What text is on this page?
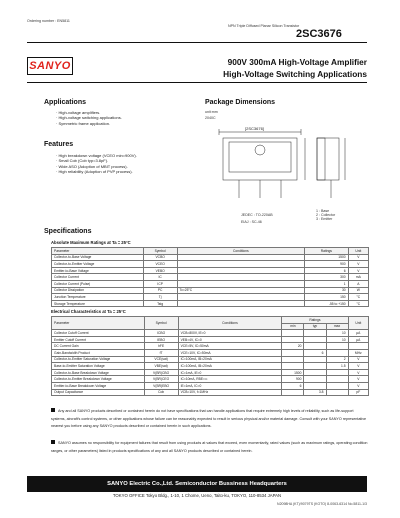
Ordering number : EN5811
NPN Triple Diffused Planar Silicon Transistor
2SC3676
SANYO	900V 300mA High-Voltage Amplifier
High-Voltage Switching Applications
Applications
· High-voltage amplifiers.
· High-voltage switching applications.
· Symmetric frame application.
Features
· High breakdown voltage (VCEO min=900V).
· Small Cob (Cob typ=3.8pF).
· Wide ASO (Adoption of MBIT process).
· High reliability (Adoption of PVP process).
Package Dimensions
unit:mm
2040C
[2SC3676]
1 : Base
2 : Collector
3 : Emitter
JEDEC : TO-220AB
EIAJ : SC-46
Specifications
Absolute Maximum Ratings at Ta = 25°C
Parameter	Symbol	Conditions	Ratings	Unit
Collector-to-Base Voltage	VCBO		1500	V
Collector-to-Emitter Voltage	VCEO		900	V
Emitter-to-Base Voltage	VEBO		6	V
Collector Current	IC		300	mA
Collector Current (Pulse)	ICP		1	A
Collector Dissipation	PC	Tc=25°C	30	W
Junction Temperature	Tj		150	°C
Storage Temperature	Tstg		-55 to +150	°C
Electrical Characteristics at Ta = 25°C
Parameter	Symbol	Conditions	Ratings			Unit
			min	typ	max	
Collector Cutoff Current	ICBO	VCB=800V, IE=0			10	μA
Emitter Cutoff Current	IEBO	VEB=4V, IC=0			10	μA
DC Current Gain	hFE	VCE=5V, IC=50mA	20			
Gain-Bandwidth Product	fT	VCE=10V, IC=50mA		6		MHz
Collector-to-Emitter Saturation Voltage	VCE(sat)	IC=100mA, IB=20mA			2	V
Base-to-Emitter Saturation Voltage	VBE(sat)	IC=100mA, IB=20mA			1.5	V
Collector-to-Base Breakdown Voltage	V(BR)CBO	IC=1mA, IE=0	1500			V
Collector-to-Emitter Breakdown Voltage	V(BR)CEO	IC=10mA, RBE=∞	900			V
Emitter-to-Base Breakdown Voltage	V(BR)EBO	IE=1mA, IC=0	6			V
Output Capacitance	Cob	VCB=10V, f=1MHz		3.8		pF
Any and all SANYO products described or contained herein do not have specifications that can handle applications that require extremely high levels of reliability, such as life-support systems, aircraft's control systems, or other applications whose failure can be reasonably expected to result in serious physical and/or material damage. Consult with your SANYO representative nearest you before using any SANYO products described or contained herein in such applications.
SANYO assumes no responsibility for equipment failures that result from using products at values that exceed, even momentarily, rated values (such as maximum ratings, operating condition ranges, or other parameters) listed in products specifications of any and all SANYO products described or contained herein.
SANYO Electric Co.,Ltd. Semiconductor Bussiness Headquarters
TOKYO OFFICE Tokyo Bldg., 1-10, 1 Chome, Ueno, Taito-ku, TOKYO, 110-8534 JAPAN
N2098HA (KT)/9079TS (KOTO) 8-0063-6314 No.5811-1/3
